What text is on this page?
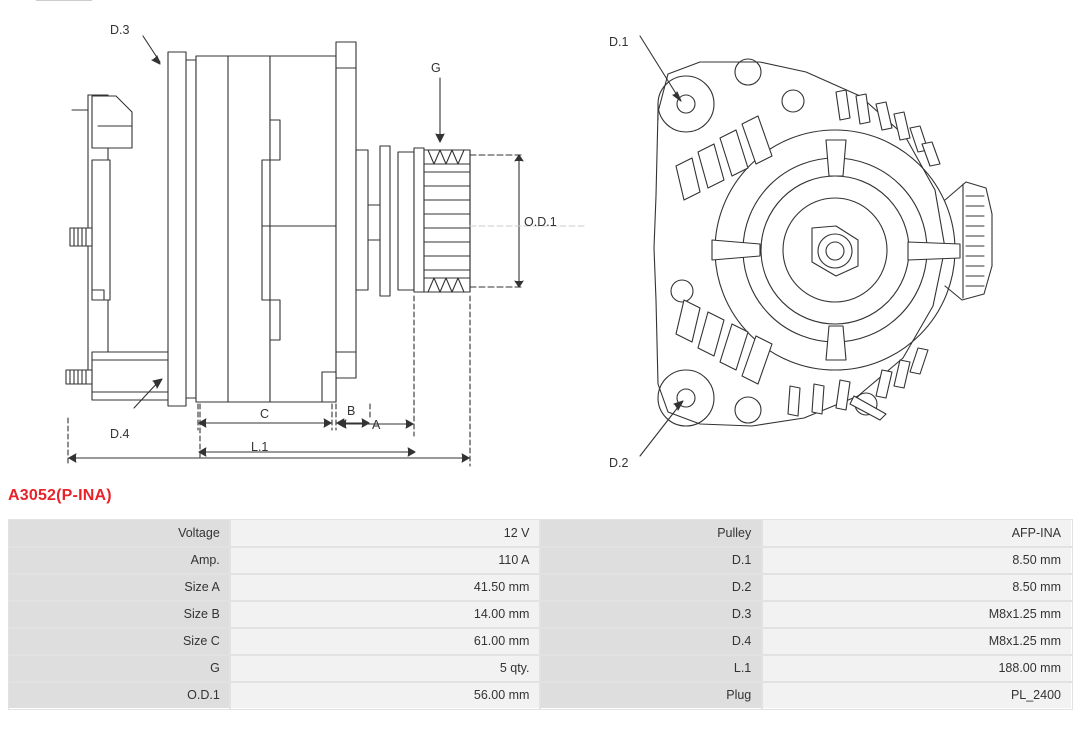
D.3
D.4
G
O.D.1
C	B
A
L.1
D.1
D.2
A3052(P-INA)
Voltage	12 V	Pulley	AFP-INA
Amp.	110 A	D.1	8.50 mm
Size A	41.50 mm	D.2	8.50 mm
Size B	14.00 mm	D.3	M8x1.25 mm
Size C	61.00 mm	D.4	M8x1.25 mm
G	5 qty.	L.1	188.00 mm
O.D.1	56.00 mm	Plug	PL_2400
